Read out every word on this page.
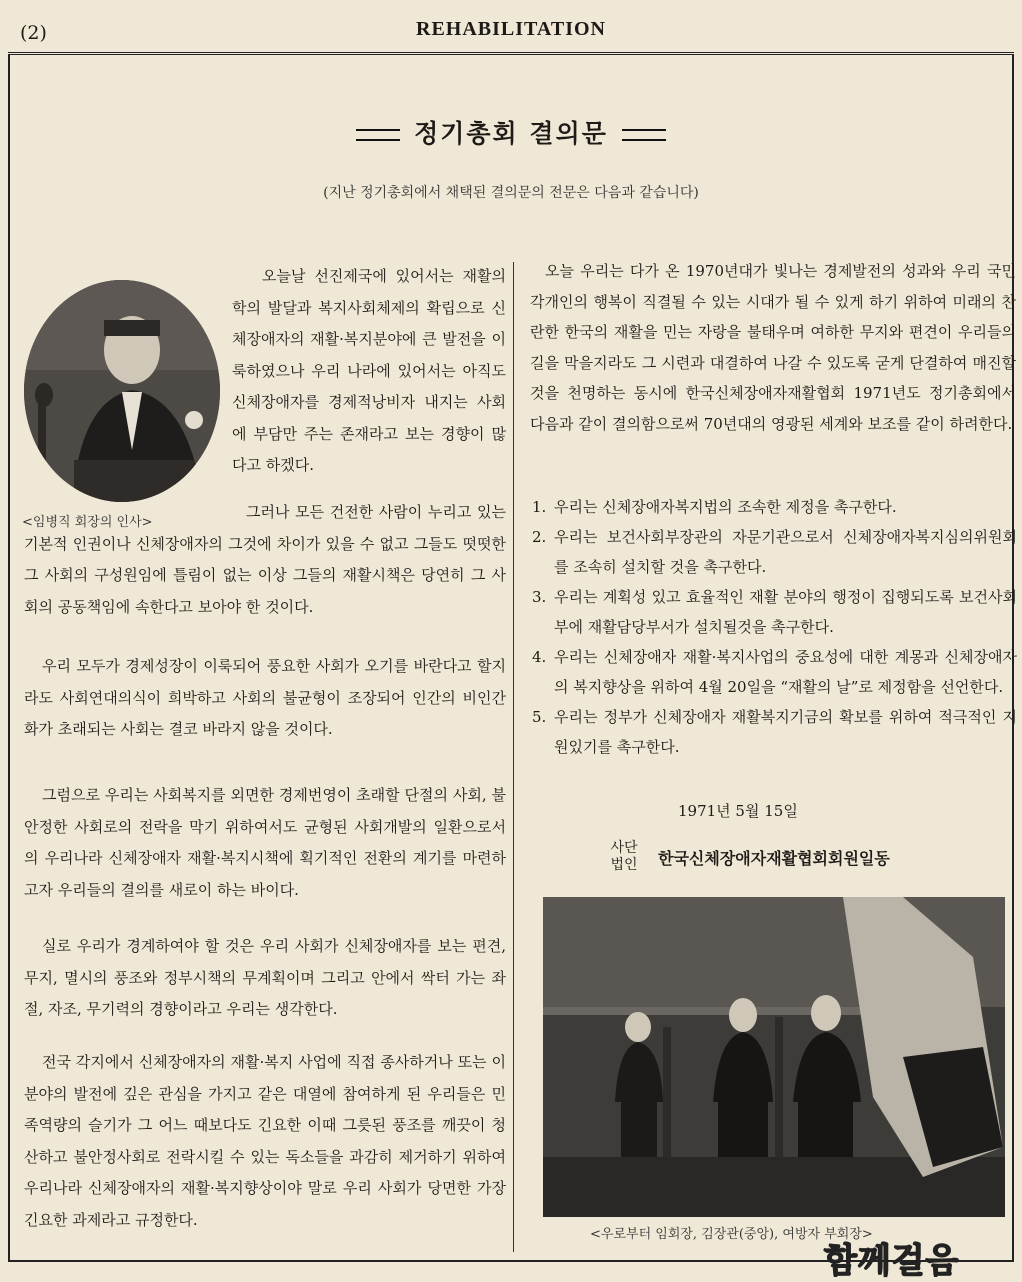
(2)	REHABILITATION
정기총회 결의문
(지난 정기총회에서 채택된 결의문의 전문은 다음과 같습니다)
<임병직 회장의 인사>

오늘날 선진제국에 있어서는 재활의학의 발달과 복지사회체제의 확립으로 신체장애자의 재활·복지분야에 큰 발전을 이룩하였으나 우리 나라에 있어서는 아직도 신체장애자를 경제적낭비자 내지는 사회에 부담만 주는 존재라고 보는 경향이 많다고 하겠다.

그러나 모든 건전한 사람이 누리고 있는 기본적 인권이나 신체장애자의 그것에 차이가 있을 수 없고 그들도 떳떳한 그 사회의 구성원임에 틀림이 없는 이상 그들의 재활시책은 당연히 그 사회의 공동책임에 속한다고 보아야 한 것이다.

우리 모두가 경제성장이 이룩되어 풍요한 사회가 오기를 바란다고 할지라도 사회연대의식이 희박하고 사회의 불균형이 조장되어 인간의 비인간화가 초래되는 사회는 결코 바라지 않을 것이다.

그럼으로 우리는 사회복지를 외면한 경제번영이 초래할 단절의 사회, 불안정한 사회로의 전락을 막기 위하여서도 균형된 사회개발의 일환으로서의 우리나라 신체장애자 재활·복지시책에 획기적인 전환의 계기를 마련하고자 우리들의 결의를 새로이 하는 바이다.

실로 우리가 경계하여야 할 것은 우리 사회가 신체장애자를 보는 편견, 무지, 멸시의 풍조와 정부시책의 무계획이며 그리고 안에서 싹터 가는 좌절, 자조, 무기력의 경향이라고 우리는 생각한다.

전국 각지에서 신체장애자의 재활·복지 사업에 직접 종사하거나 또는 이 분야의 발전에 깊은 관심을 가지고 같은 대열에 참여하게 된 우리들은 민족역량의 슬기가 그 어느 때보다도 긴요한 이때 그릇된 풍조를 깨끗이 청산하고 불안정사회로 전락시킬 수 있는 독소들을 과감히 제거하기 위하여 우리나라 신체장애자의 재활·복지향상이야 말로 우리 사회가 당면한 가장 긴요한 과제라고 규정한다.

오늘 우리는 다가 온 1970년대가 빛나는 경제발전의 성과와 우리 국민 각개인의 행복이 직결될 수 있는 시대가 될 수 있게 하기 위하여 미래의 찬란한 한국의 재활을 민는 자랑을 불태우며 여하한 무지와 편견이 우리들의 길을 막을지라도 그 시련과 대결하여 나갈 수 있도록 굳게 단결하여 매진할 것을 천명하는 동시에 한국신체장애자재활협회 1971년도 정기총회에서 다음과 같이 결의함으로써 70년대의 영광된 세계와 보조를 같이 하려한다.

1. 우리는 신체장애자복지법의 조속한 제정을 촉구한다.
2. 우리는 보건사회부장관의 자문기관으로서 신체장애자복지심의위원회를 조속히 설치할 것을 촉구한다.
3. 우리는 계획성 있고 효율적인 재활 분야의 행정이 집행되도록 보건사회부에 재활담당부서가 설치될것을 촉구한다.
4. 우리는 신체장애자 재활·복지사업의 중요성에 대한 계몽과 신체장애자의 복지향상을 위하여 4월 20일을 “재활의 날”로 제정함을 선언한다.
5. 우리는 정부가 신체장애자 재활복지기금의 확보를 위하여 적극적인 지원있기를 촉구한다.
1971년 5월 15일
사단
법인 한국신체장애자재활협회회원일동
<우로부터 임회장, 김장관(중앙), 여방자 부회장>
함께걸음
